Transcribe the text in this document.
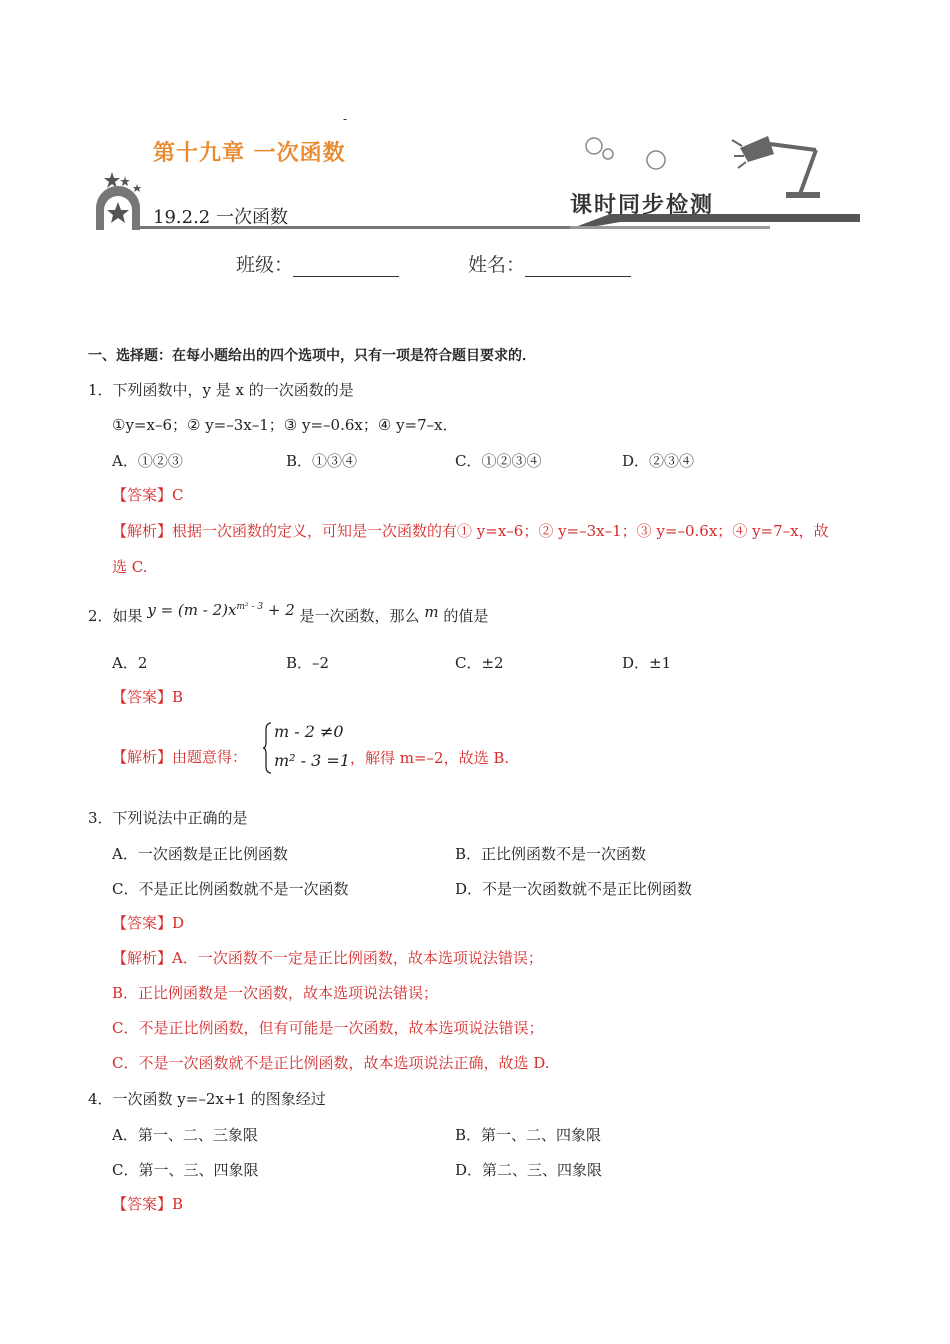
-
第十九章 一次函数
19.2.2 一次函数	课时同步检测
班级：	姓名：
一、选择题：在每小题给出的四个选项中，只有一项是符合题目要求的．
1．下列函数中，y 是 x 的一次函数的是
①y=x–6；② y=–3x–1；③ y=–0.6x；④ y=7–x．
A．①②③	B．①③④	C．①②③④	D．②③④
【答案】C
【解析】根据一次函数的定义，可知是一次函数的有① y=x–6；② y=–3x–1；③ y=–0.6x；④ y=7–x，故
选 C.
2．如果 $y = (m - 2)x^{m^2 - 3} + 2$ 是一次函数，那么 m 的值是
A．2	B．–2	C．±2	D．±1
【答案】B
【解析】由题意得：
m - 2 ≠0
m² - 3 =1 ，解得 m=–2，故选 B.
3．下列说法中正确的是
A．一次函数是正比例函数	B．正比例函数不是一次函数
C．不是正比例函数就不是一次函数	D．不是一次函数就不是正比例函数
【答案】D
【解析】A．一次函数不一定是正比例函数，故本选项说法错误；
B．正比例函数是一次函数，故本选项说法错误；
C．不是正比例函数，但有可能是一次函数，故本选项说法错误；
C．不是一次函数就不是正比例函数，故本选项说法正确，故选 D.
4．一次函数 y=–2x+1 的图象经过
A．第一、二、三象限	B．第一、二、四象限
C．第一、三、四象限	D．第二、三、四象限
【答案】B
